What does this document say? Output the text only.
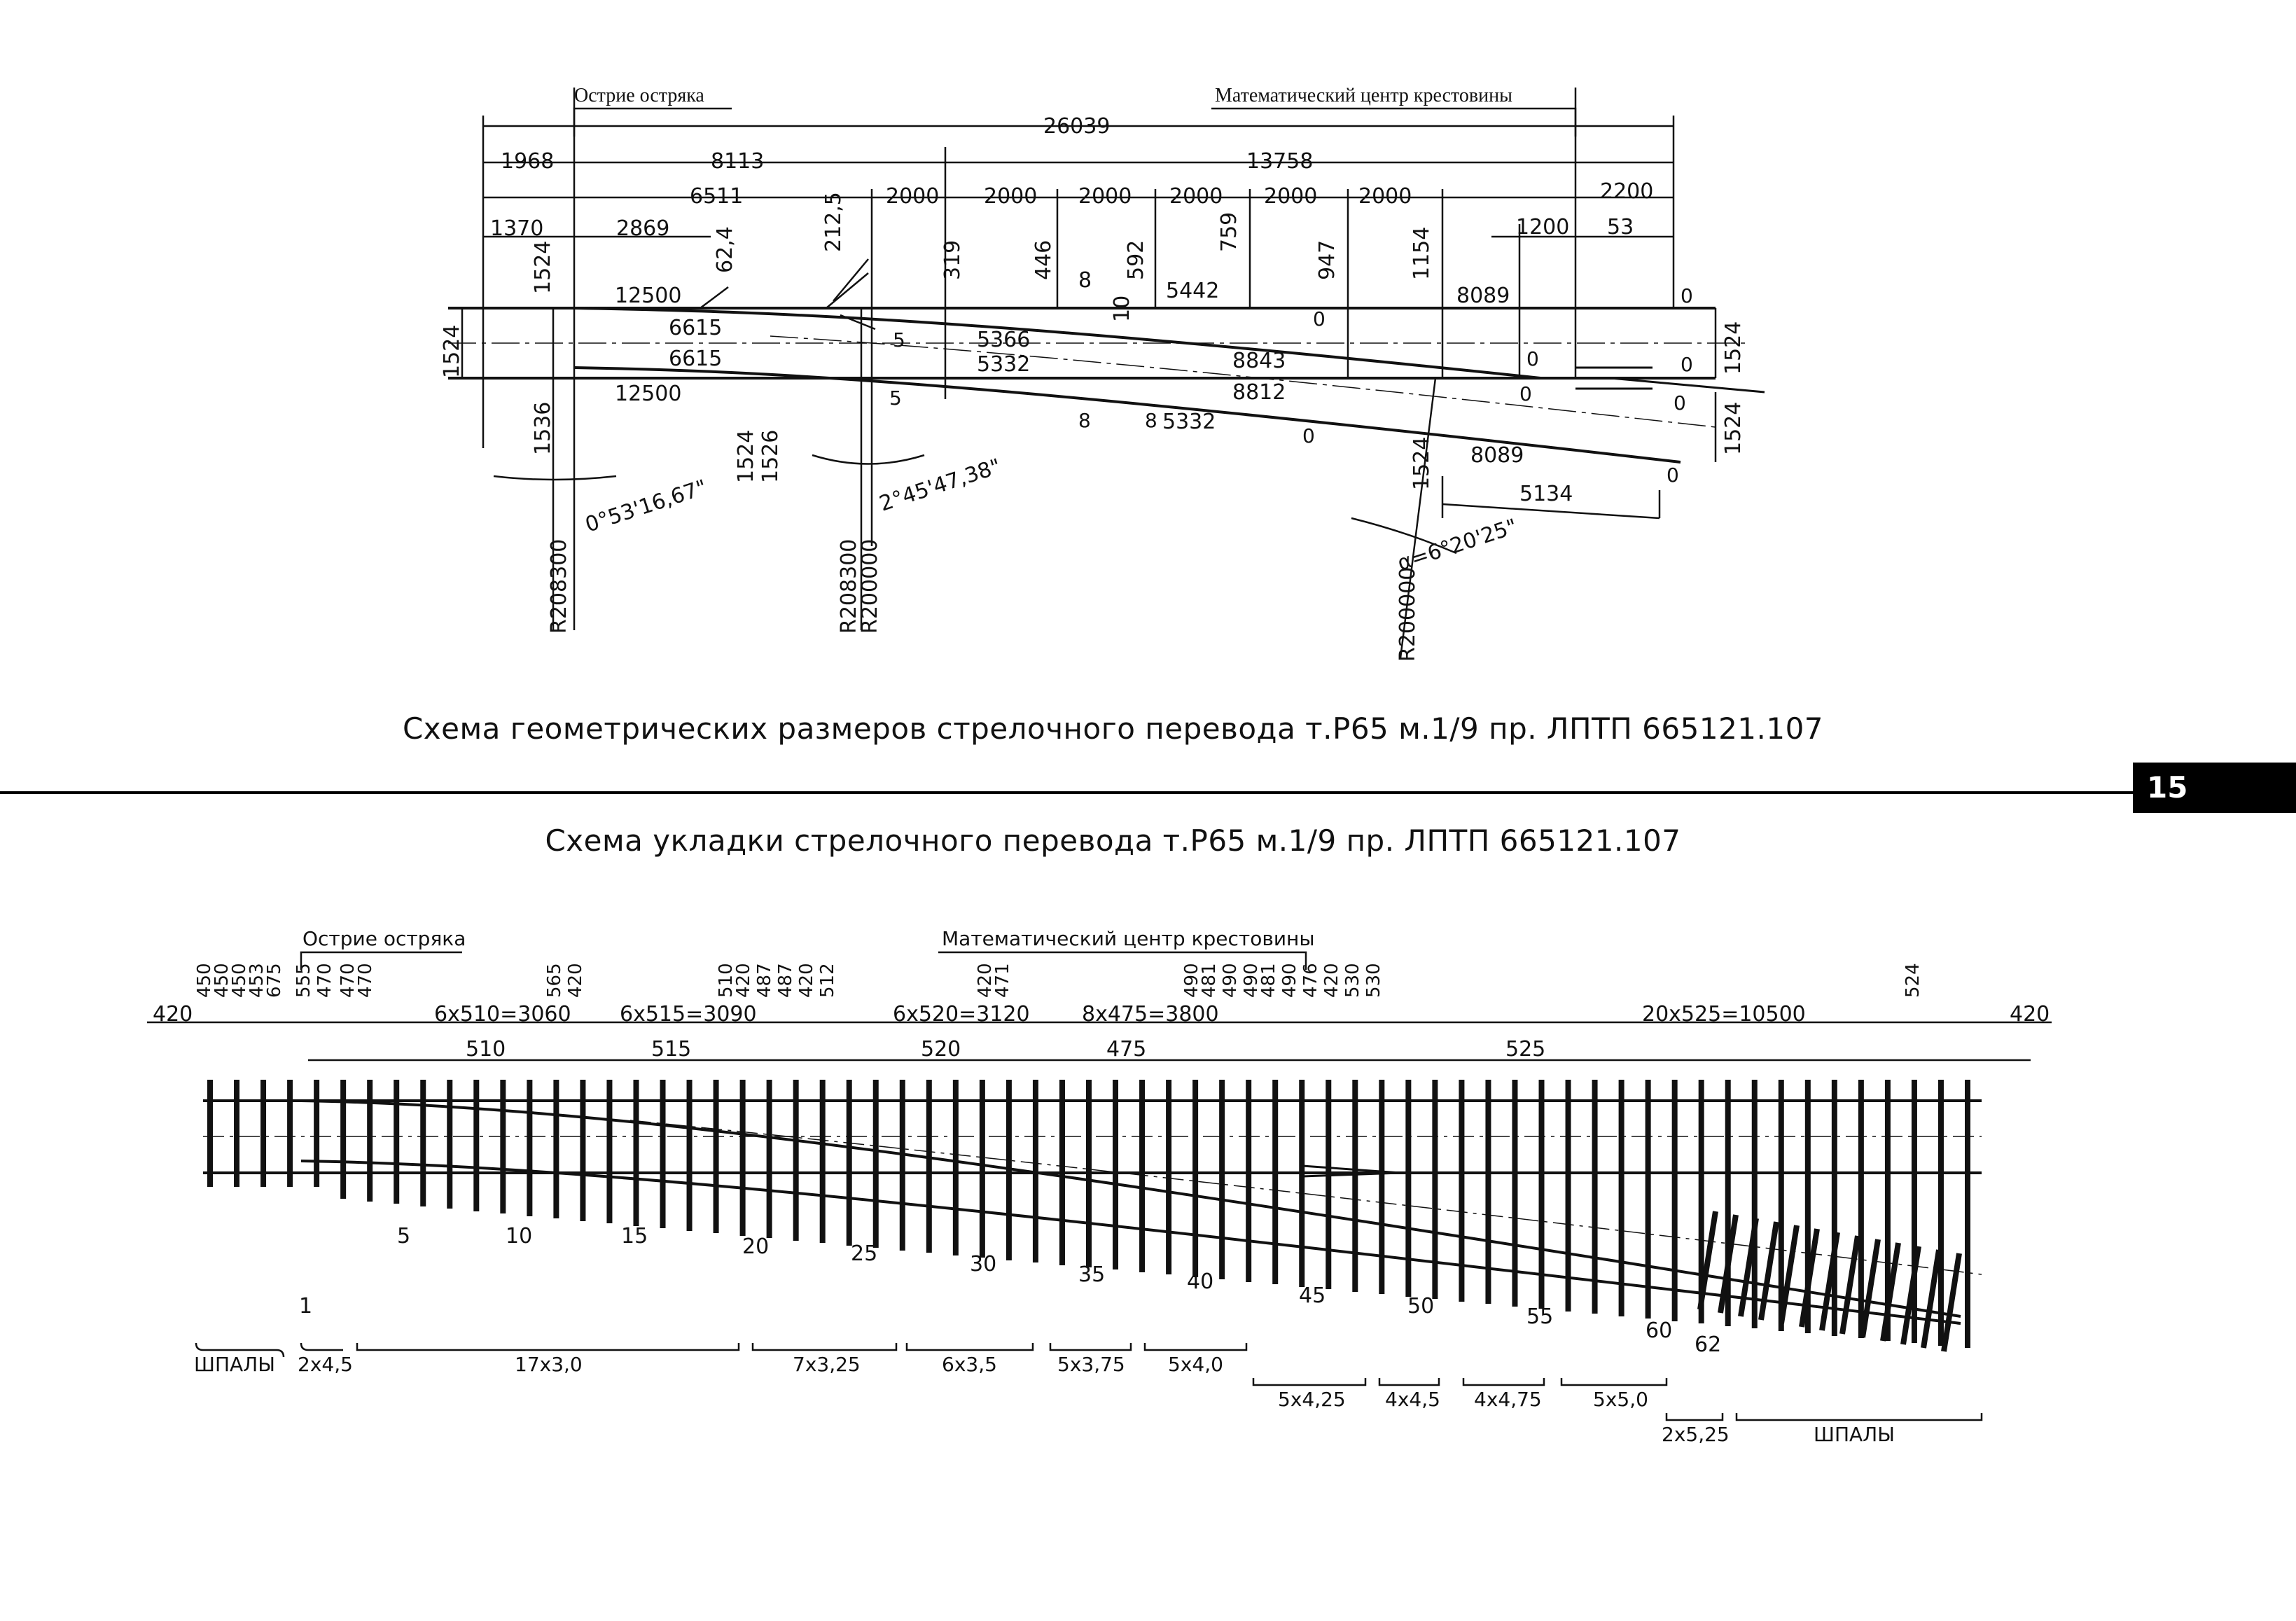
Острие остряка	Математический центр крестовины
26039
1968	8113	13758
6511	2000 2000 2000 2000 2000 2000	2200
1370	2869	1200 53
1524	62,4	212,5
319	446
8
592
10
759
947	1154
12500
6615
6615
12500
5366
5332
5442
8843
8812
8089
5332
8089
5134
5
5
8	8
0
0
0
0
0
0
0
0
1524	1524
1524
1536
1524 1526	1524
0°53'16,67"	2°45'47,38"
α=6°20'25"
R208300	R208300
R200000	R200000
Схема геометрических размеров стрелочного перевода т.Р65 м.1/9 пр. ЛПТП 665121.107
15
Схема укладки стрелочного перевода т.Р65 м.1/9 пр. ЛПТП 665121.107
Острие остряка	Математический центр крестовины
420	420
6x510=3060 6x515=3090	6x520=3120 8x475=3800	20x525=10500
510	515	520	475	525
450
450
450
453
675 555 470 470
470	565 420	510
420 487 487 420 512	420
471	490
481 490 490
481 490 476 420 530 530	524
1
5	10	15	20	25	30	35	40
45	50	55
60
62
ШПАЛЫ 2x4,5	17x3,0	7x3,25	6x3,5	5x3,75 5x4,0
5x4,25 4x4,5 4x4,75	5x5,0
2x5,25	ШПАЛЫ
